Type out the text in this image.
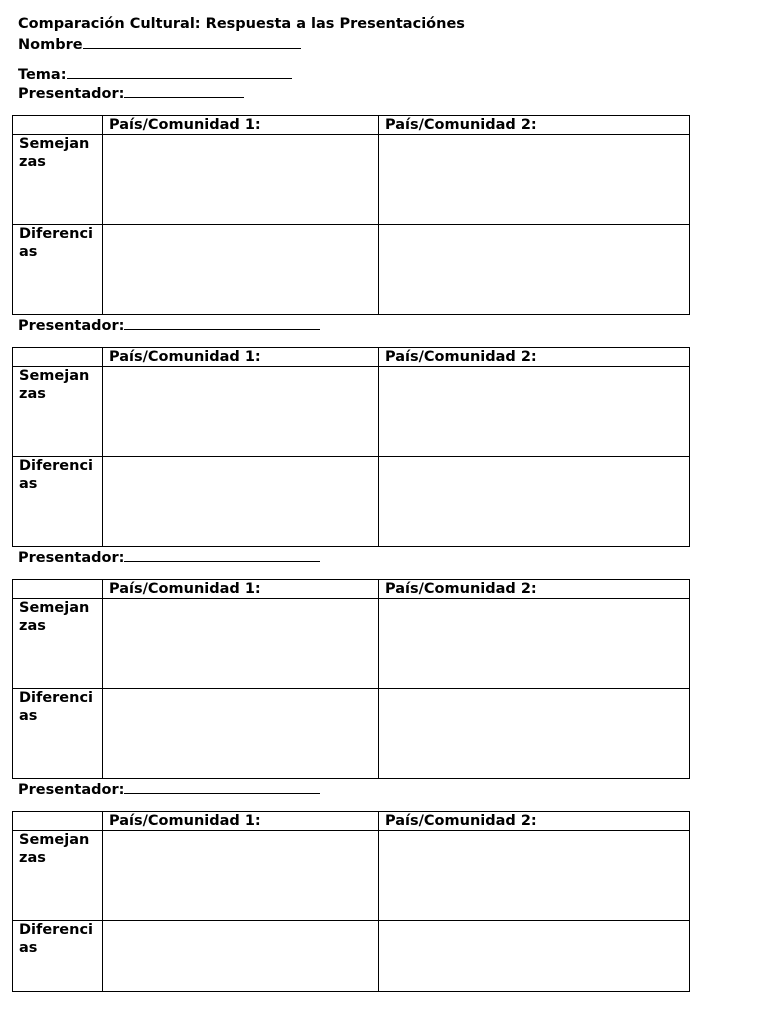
Comparación Cultural: Respuesta a las Presentaciónes
Nombre
Tema:
Presentador:
	País/Comunidad 1:	País/Comunidad 2:
Semejanzas		
Diferencias		
Presentador:
	País/Comunidad 1:	País/Comunidad 2:
Semejanzas		
Diferencias		
Presentador:
	País/Comunidad 1:	País/Comunidad 2:
Semejanzas		
Diferencias		
Presentador:
	País/Comunidad 1:	País/Comunidad 2:
Semejanzas		
Diferencias		
